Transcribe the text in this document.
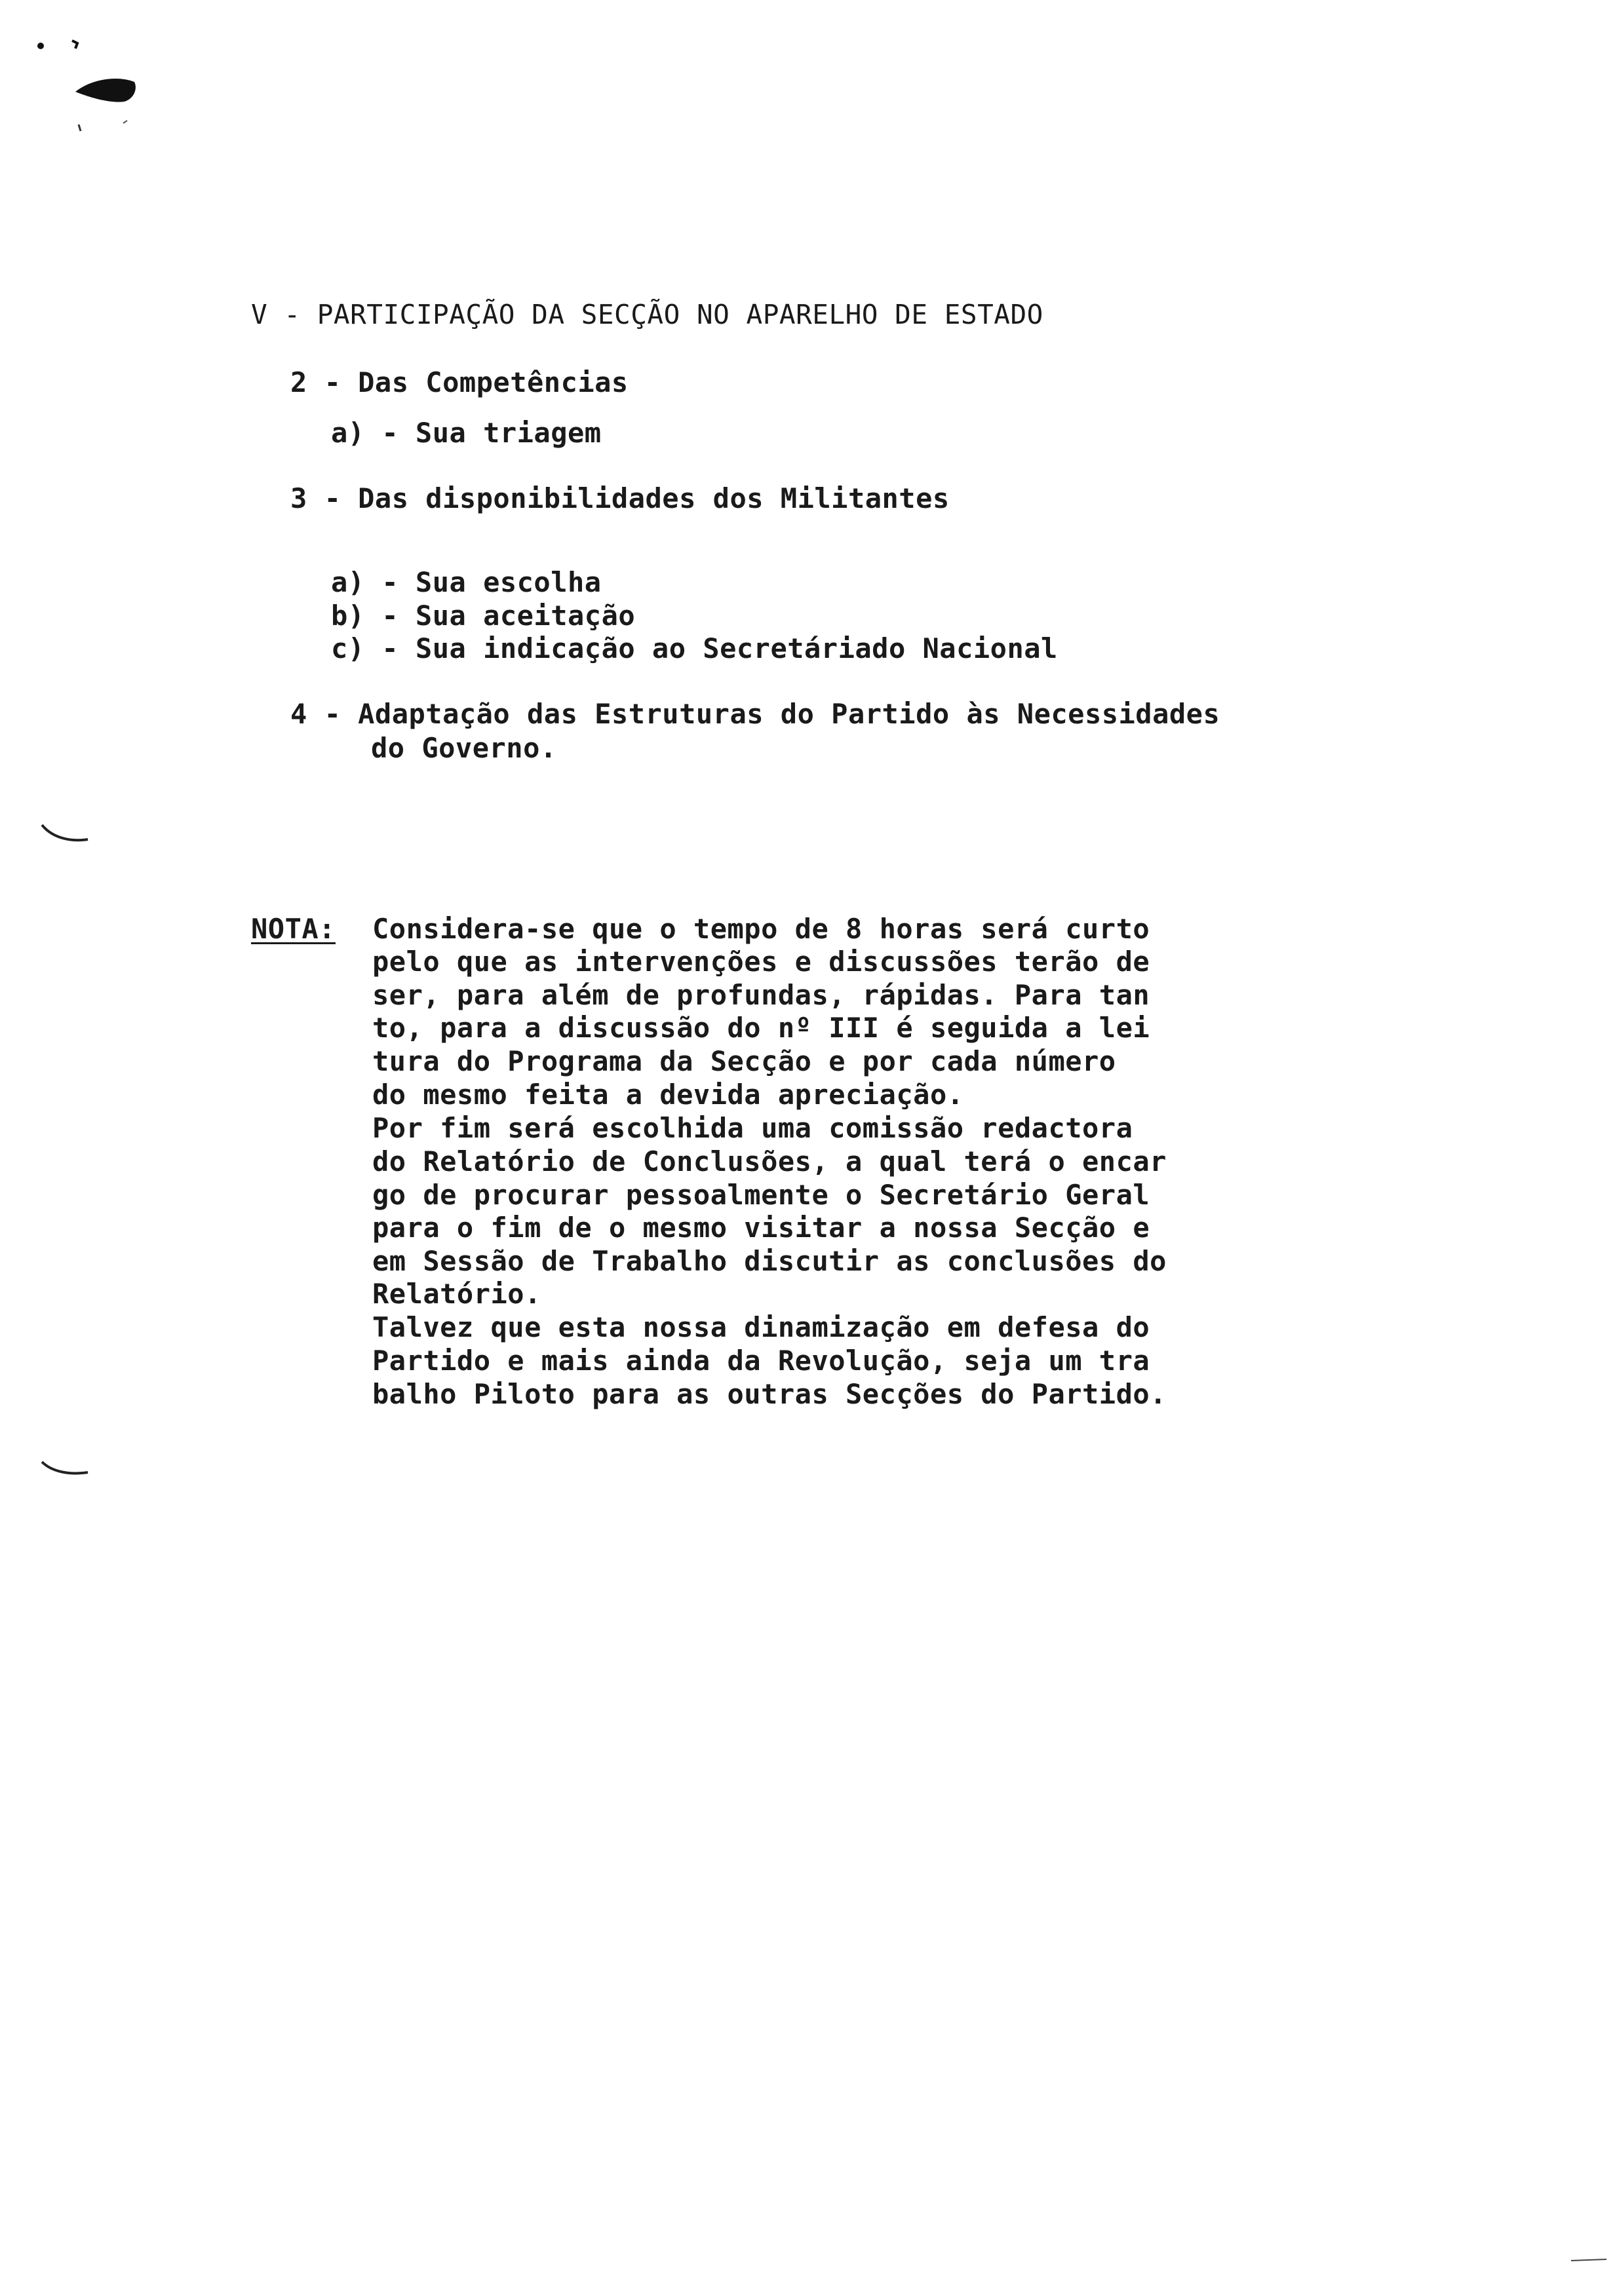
V - PARTICIPAÇÃO DA SECÇÃO NO APARELHO DE ESTADO
2 - Das Competências
a) - Sua triagem
3 - Das disponibilidades dos Militantes
a) - Sua escolha
b) - Sua aceitação
c) - Sua indicação ao Secretáriado Nacional
4 - Adaptação das Estruturas do Partido às Necessidades
do Governo.
NOTA: Considera-se que o tempo de 8 horas será curto
pelo que as intervenções e discussões terão de
ser, para além de profundas, rápidas. Para tan
to, para a discussão do nº III é seguida a lei
tura do Programa da Secção e por cada número
do mesmo feita a devida apreciação.
Por fim será escolhida uma comissão redactora
do Relatório de Conclusões, a qual terá o encar
go de procurar pessoalmente o Secretário Geral
para o fim de o mesmo visitar a nossa Secção e
em Sessão de Trabalho discutir as conclusões do
Relatório.
Talvez que esta nossa dinamização em defesa do
Partido e mais ainda da Revolução, seja um tra
balho Piloto para as outras Secções do Partido.
